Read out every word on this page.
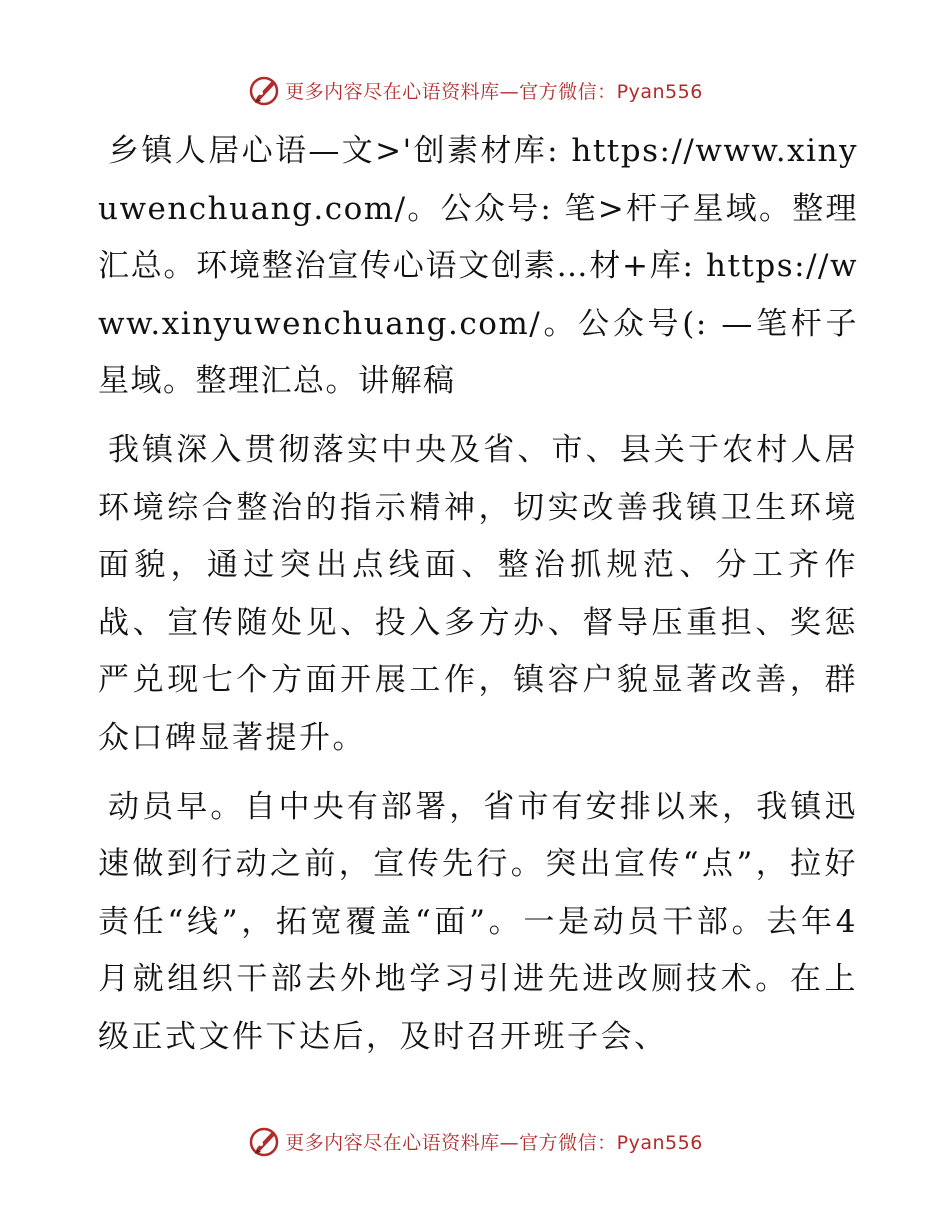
更多内容尽在心语资料库—官方微信：Pyan556

乡镇人居心语—文>'创素材库: https://www.xinyuwenchuang.com/。公众号: 笔>杆子星域。整理汇总。环境整治宣传心语文创素…材+库: https://www.xinyuwenchuang.com/。公众号(: —笔杆子星域。整理汇总。讲解稿

我镇深入贯彻落实中央及省、市、县关于农村人居环境综合整治的指示精神，切实改善我镇卫生环境面貌，通过突出点线面、整治抓规范、分工齐作战、宣传随处见、投入多方办、督导压重担、奖惩严兑现七个方面开展工作，镇容户貌显著改善，群众口碑显著提升。

动员早。自中央有部署，省市有安排以来，我镇迅速做到行动之前，宣传先行。突出宣传“点”，拉好责任“线”，拓宽覆盖“面”。一是动员干部。去年4月就组织干部去外地学习引进先进改厕技术。在上级正式文件下达后，及时召开班子会、

更多内容尽在心语资料库—官方微信：Pyan556
